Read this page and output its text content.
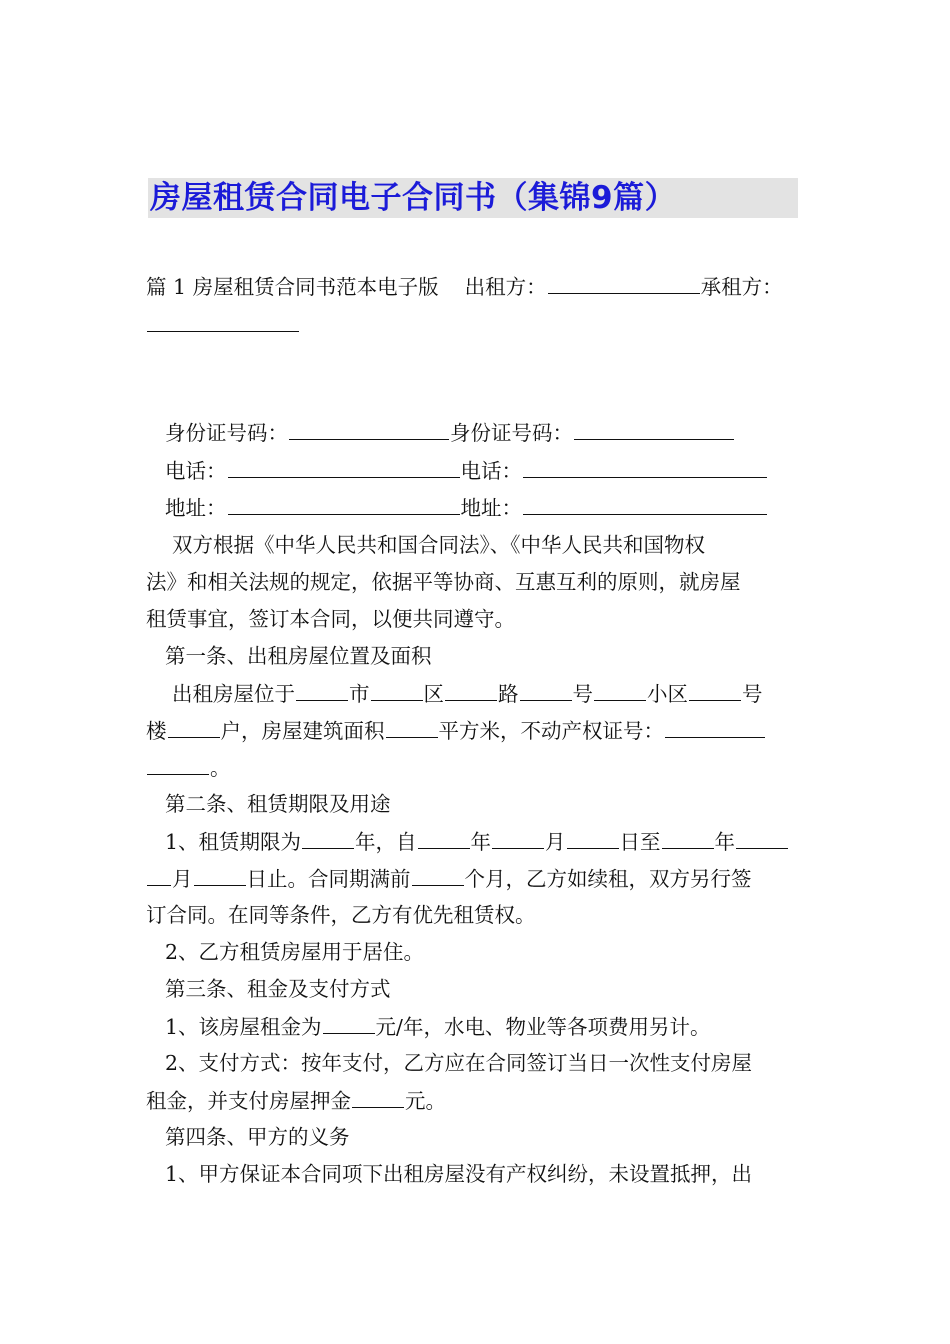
房屋租赁合同电子合同书（集锦9篇）
篇 1 房屋租赁合同书范本电子版 出租方：	承租方：
身份证号码：	身份证号码：
电话：	电话：
地址：	地址：
双方根据《中华人民共和国合同法》、《中华人民共和国物权
法》和相关法规的规定，依据平等协商、互惠互利的原则，就房屋
租赁事宜，签订本合同，以便共同遵守。
第一条、出租房屋位置及面积
出租房屋位于	市	区	路	号	小区	号
楼	户，房屋建筑面积	平方米，不动产权证号：
。
第二条、租赁期限及用途
1、租赁期限为	年，自	年	月	日至	年
月	日止。合同期满前	个月，乙方如续租，双方另行签
订合同。在同等条件，乙方有优先租赁权。
2、乙方租赁房屋用于居住。
第三条、租金及支付方式
1、该房屋租金为	元/年，水电、物业等各项费用另计。
2、支付方式：按年支付，乙方应在合同签订当日一次性支付房屋
租金，并支付房屋押金	元。
第四条、甲方的义务
1、甲方保证本合同项下出租房屋没有产权纠纷，未设置抵押，出
